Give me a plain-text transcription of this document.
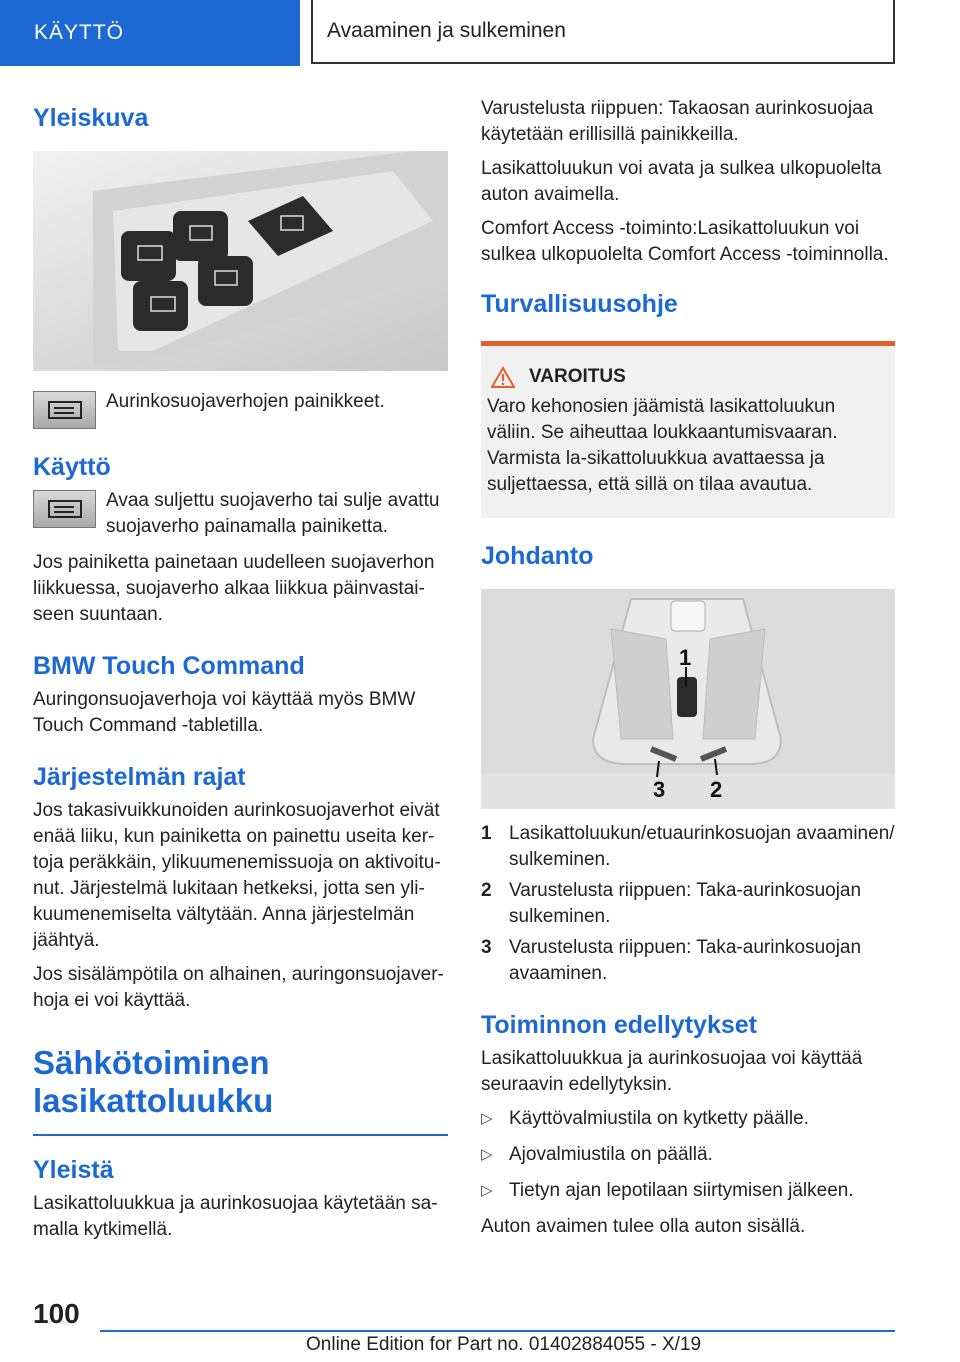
KÄYTTÖ	Avaaminen ja sulkeminen
Yleiskuva

Aurinkosuojaverhojen painikkeet.

Käyttö

Avaa suljettu suojaverho tai sulje avattu suojaverho painamalla painiketta.

Jos painiketta painetaan uudelleen suojaverhon liikkuessa, suojaverho alkaa liikkua päinvastai-seen suuntaan.

BMW Touch Command

Auringonsuojaverhoja voi käyttää myös BMW Touch Command -tabletilla.

Järjestelmän rajat

Jos takasivuikkunoiden aurinkosuojaverhot eivät enää liiku, kun painiketta on painettu useita ker-toja peräkkäin, ylikuumenemissuoja on aktivoitu-nut. Järjestelmä lukitaan hetkeksi, jotta sen yli-kuumenemiselta vältytään. Anna järjestelmän jäähtyä.

Jos sisälämpötila on alhainen, auringonsuojaver-hoja ei voi käyttää.

Sähkötoiminen
lasikattoluukku
Yleistä

Lasikattoluukkua ja aurinkosuojaa käytetään sa-malla kytkimellä.

Varustelusta riippuen: Takaosan aurinkosuojaa käytetään erillisillä painikkeilla.

Lasikattoluukun voi avata ja sulkea ulkopuolelta auton avaimella.

Comfort Access -toiminto:Lasikattoluukun voi sulkea ulkopuolelta Comfort Access -toiminnolla.

Turvallisuusohje
VAROITUS

Varo kehonosien jäämistä lasikattoluukun väliin. Se aiheuttaa loukkaantumisvaaran. Varmista la-sikattoluukkua avattaessa ja suljettaessa, että sillä on tilaa avautua.

Johdanto
1
2
3
1 Lasikattoluukun/etuaurinkosuojan avaaminen/ sulkeminen.
2 Varustelusta riippuen: Taka-aurinkosuojan sulkeminen.
3 Varustelusta riippuen: Taka-aurinkosuojan avaaminen.
Toiminnon edellytykset

Lasikattoluukkua ja aurinkosuojaa voi käyttää seuraavin edellytyksin.

▷ Käyttövalmiustila on kytketty päälle.
▷ Ajovalmiustila on päällä.
▷ Tietyn ajan lepotilaan siirtymisen jälkeen.

Auton avaimen tulee olla auton sisällä.

100
Online Edition for Part no. 01402884055 - X/19
